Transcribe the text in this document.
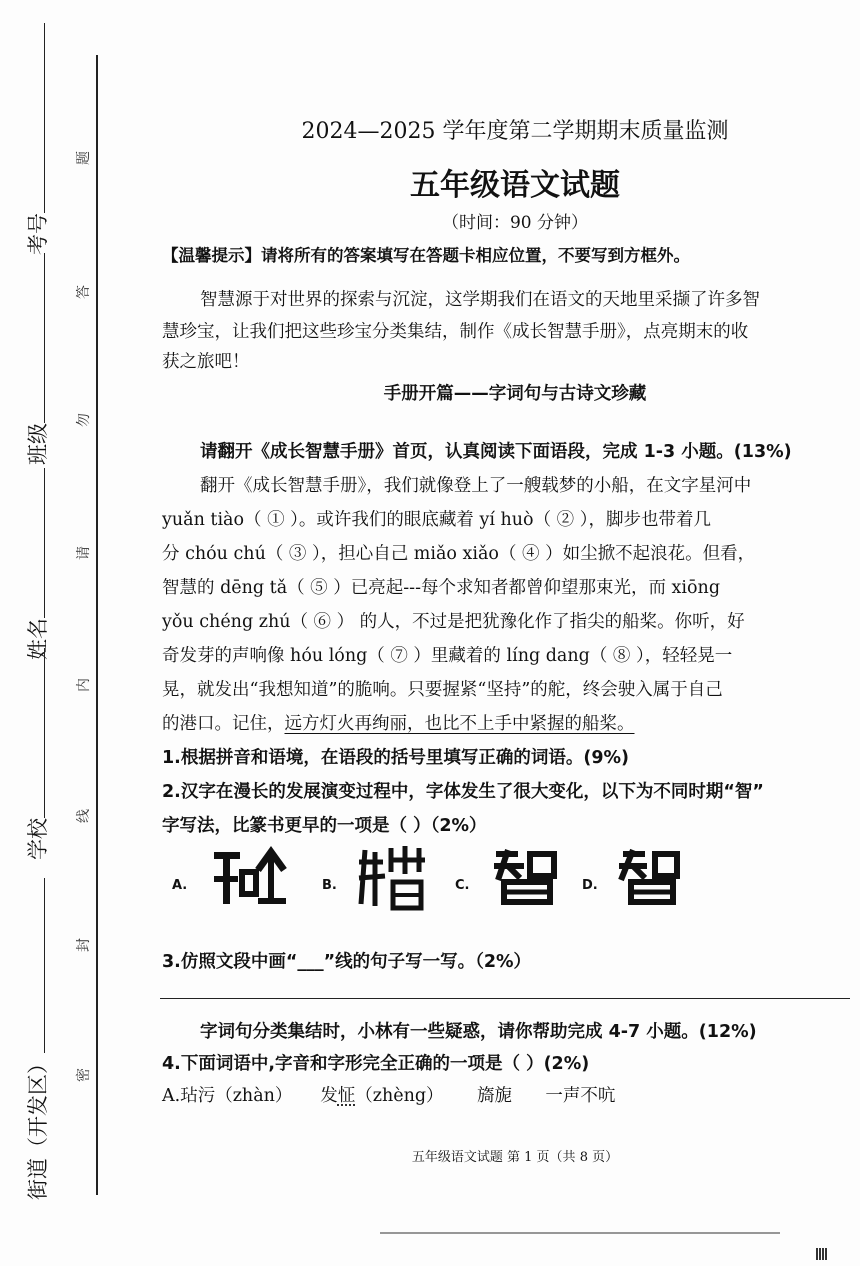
考号
班级
姓名
学校
街道（开发区）
题
答
勿
请
内
线
封
密
2024—2025 学年度第二学期期末质量监测
五年级语文试题
（时间：90 分钟）
【温馨提示】请将所有的答案填写在答题卡相应位置，不要写到方框外。
智慧源于对世界的探索与沉淀，这学期我们在语文的天地里采撷了许多智
慧珍宝，让我们把这些珍宝分类集结，制作《成长智慧手册》，点亮期末的收
获之旅吧！
手册开篇——字词句与古诗文珍藏
请翻开《成长智慧手册》首页，认真阅读下面语段，完成 1-3 小题。(13%)
翻开《成长智慧手册》，我们就像登上了一艘载梦的小船，在文字星河中
yuǎn tiào（ ① ）。或许我们的眼底藏着 yí huò（ ② ），脚步也带着几
分 chóu chú（ ③ ），担心自己 miǎo xiǎo（ ④ ）如尘掀不起浪花。但看，
智慧的 dēng tǎ（ ⑤ ）已亮起---每个求知者都曾仰望那束光，而 xiōng
yǒu chéng zhú（ ⑥ ） 的人，不过是把犹豫化作了指尖的船桨。你听，好
奇发芽的声响像 hóu lóng（ ⑦ ）里藏着的 líng dang（ ⑧ ），轻轻晃一
晃，就发出“我想知道”的脆响。只要握紧“坚持”的舵，终会驶入属于自己
的港口。记住，远方灯火再绚丽，也比不上手中紧握的船桨。
1.根据拼音和语境，在语段的括号里填写正确的词语。(9%)
2.汉字在漫长的发展演变过程中，字体发生了很大变化，以下为不同时期“智”
字写法，比篆书更早的一项是（ ）（2%）
A.	B.	C.	D.
3.仿照文段中画“___”线的句子写一写。（2%）
字词句分类集结时，小林有一些疑惑，请你帮助完成 4-7 小题。(12%)
4.下面词语中,字音和字形完全正确的一项是（ ）(2%)
A.玷污（zhàn） 发怔（zhèng） 旖旎 一声不吭
五年级语文试题 第 1 页（共 8 页）
